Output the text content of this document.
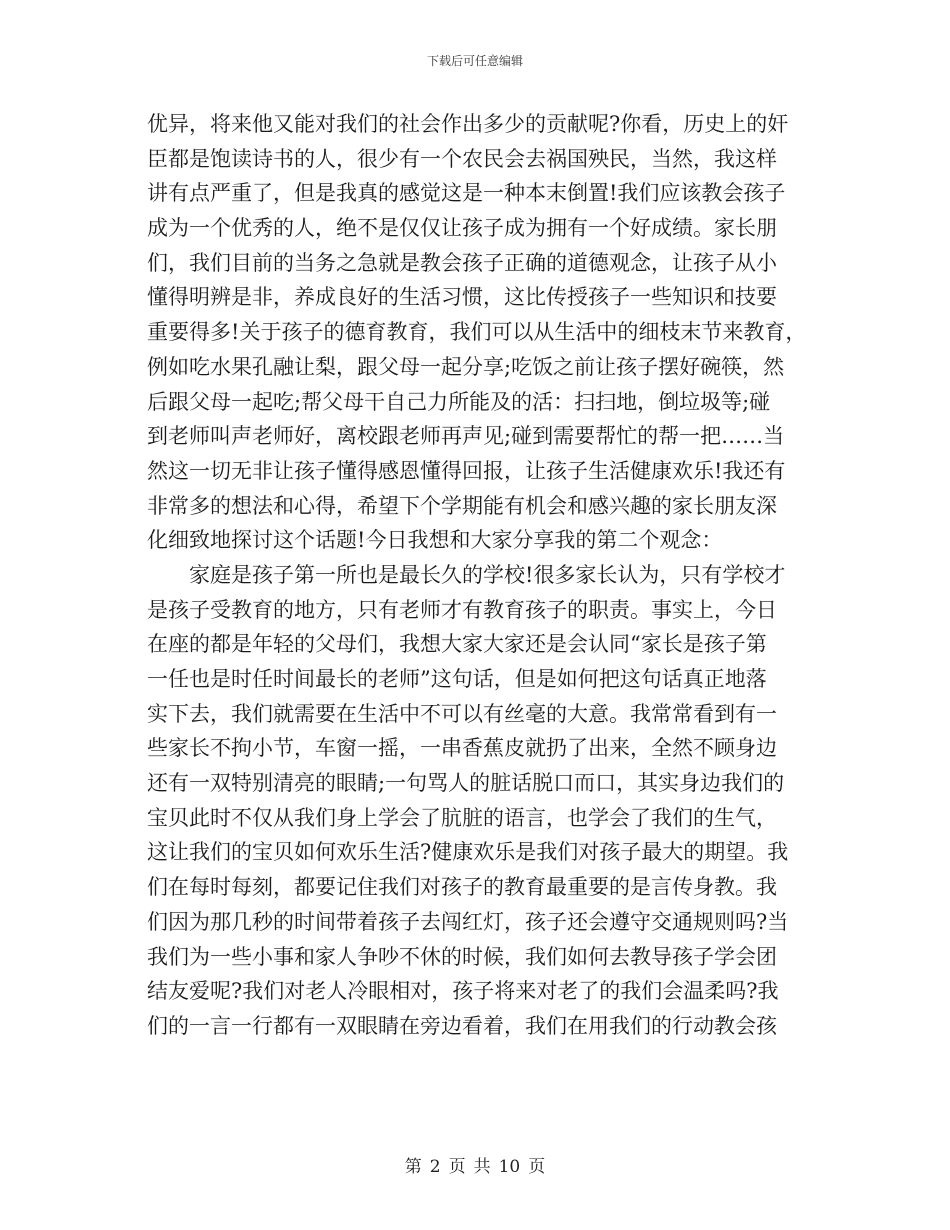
下载后可任意编辑
优异，将来他又能对我们的社会作出多少的贡献呢?你看，历史上的奸
臣都是饱读诗书的人，很少有一个农民会去祸国殃民，当然，我这样
讲有点严重了，但是我真的感觉这是一种本末倒置!我们应该教会孩子
成为一个优秀的人，绝不是仅仅让孩子成为拥有一个好成绩。家长朋
们，我们目前的当务之急就是教会孩子正确的道德观念，让孩子从小
懂得明辨是非，养成良好的生活习惯，这比传授孩子一些知识和技要
重要得多!关于孩子的德育教育，我们可以从生活中的细枝末节来教育，
例如吃水果孔融让梨，跟父母一起分享;吃饭之前让孩子摆好碗筷，然
后跟父母一起吃;帮父母干自己力所能及的活：扫扫地，倒垃圾等;碰
到老师叫声老师好，离校跟老师再声见;碰到需要帮忙的帮一把……当
然这一切无非让孩子懂得感恩懂得回报，让孩子生活健康欢乐!我还有
非常多的想法和心得，希望下个学期能有机会和感兴趣的家长朋友深
化细致地探讨这个话题!今日我想和大家分享我的第二个观念：
家庭是孩子第一所也是最长久的学校!很多家长认为，只有学校才
是孩子受教育的地方，只有老师才有教育孩子的职责。事实上，今日
在座的都是年轻的父母们，我想大家大家还是会认同“家长是孩子第
一任也是时任时间最长的老师”这句话，但是如何把这句话真正地落
实下去，我们就需要在生活中不可以有丝毫的大意。我常常看到有一
些家长不拘小节，车窗一摇，一串香蕉皮就扔了出来，全然不顾身边
还有一双特别清亮的眼睛;一句骂人的脏话脱口而口，其实身边我们的
宝贝此时不仅从我们身上学会了肮脏的语言，也学会了我们的生气，
这让我们的宝贝如何欢乐生活?健康欢乐是我们对孩子最大的期望。我
们在每时每刻，都要记住我们对孩子的教育最重要的是言传身教。我
们因为那几秒的时间带着孩子去闯红灯，孩子还会遵守交通规则吗?当
我们为一些小事和家人争吵不休的时候，我们如何去教导孩子学会团
结友爱呢?我们对老人冷眼相对，孩子将来对老了的我们会温柔吗?我
们的一言一行都有一双眼睛在旁边看着，我们在用我们的行动教会孩
第 2 页 共 10 页
